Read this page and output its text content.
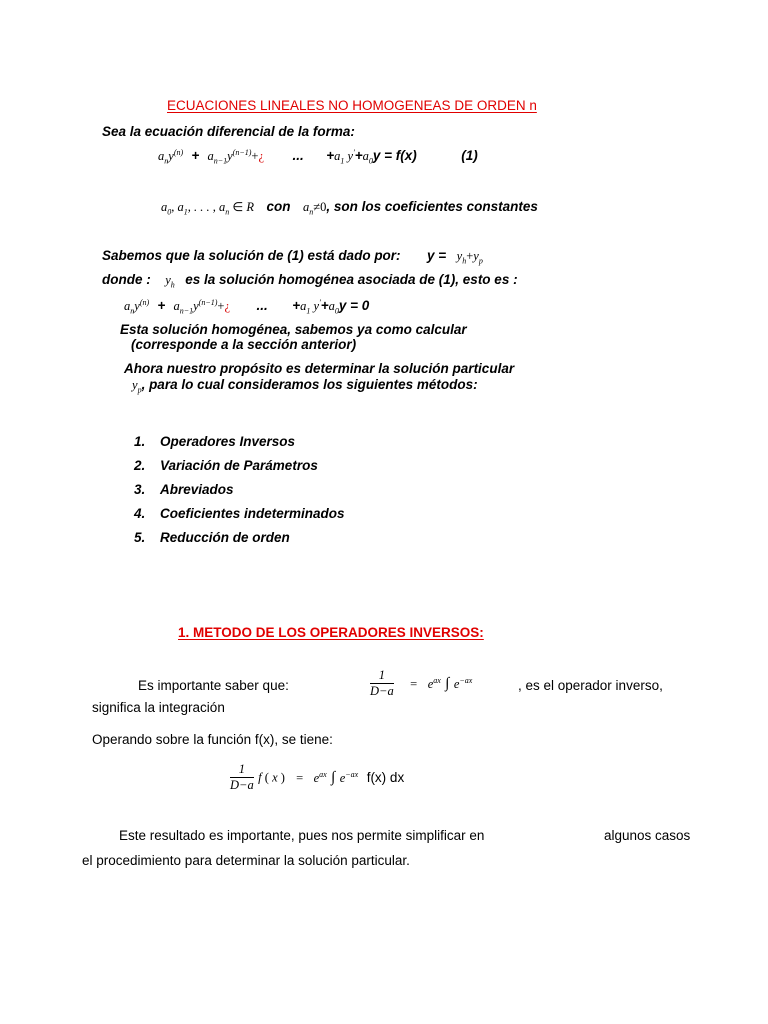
ECUACIONES LINEALES NO HOMOGENEAS DE ORDEN n
Sea la ecuación diferencial de la forma:
$a_ny^{(n)}$  +  $a_{n-1}y^{(n-1)}+¿$ ... $+a_1$ $y'+a_0y = f(x)$	(1)
$a_0$, $a_1$, . . . , $a_n$ ∈ R con $a_n\ne 0$, son los coeficientes constantes
Sabemos que la solución de (1) está dado por: $y = y_h+y_p$
donde : $y_h$ es la solución homogénea asociada de (1), esto es :
$a_ny^{(n)}$  +  $a_{n-1}y^{(n-1)}+¿$ ... $+a_1$ $y'+a_0y = 0$
Esta solución homogénea, sabemos ya como calcular
(corresponde a la sección anterior)
Ahora nuestro propósito es determinar la solución particular
$y_p$, para lo cual consideramos los siguientes métodos:
1. Operadores Inversos
2. Variación de Parámetros
3. Abreviados
4. Coeficientes indeterminados
5. Reducción de orden
1. METODO DE LOS OPERADORES INVERSOS:
Es importante saber que:	$\frac{1}{D-a} = e^{ax}$ ∫ $e^{-ax}$	, es el operador inverso,
significa la integración
Operando sobre la función f(x), se tiene:
$\frac{1}{D-a}$ f ( x ) = $e^{ax}$ ∫ $e^{-ax}$ f(x) dx
Este resultado es importante, pues nos permite simplificar en	algunos casos
el procedimiento para determinar la solución particular.
